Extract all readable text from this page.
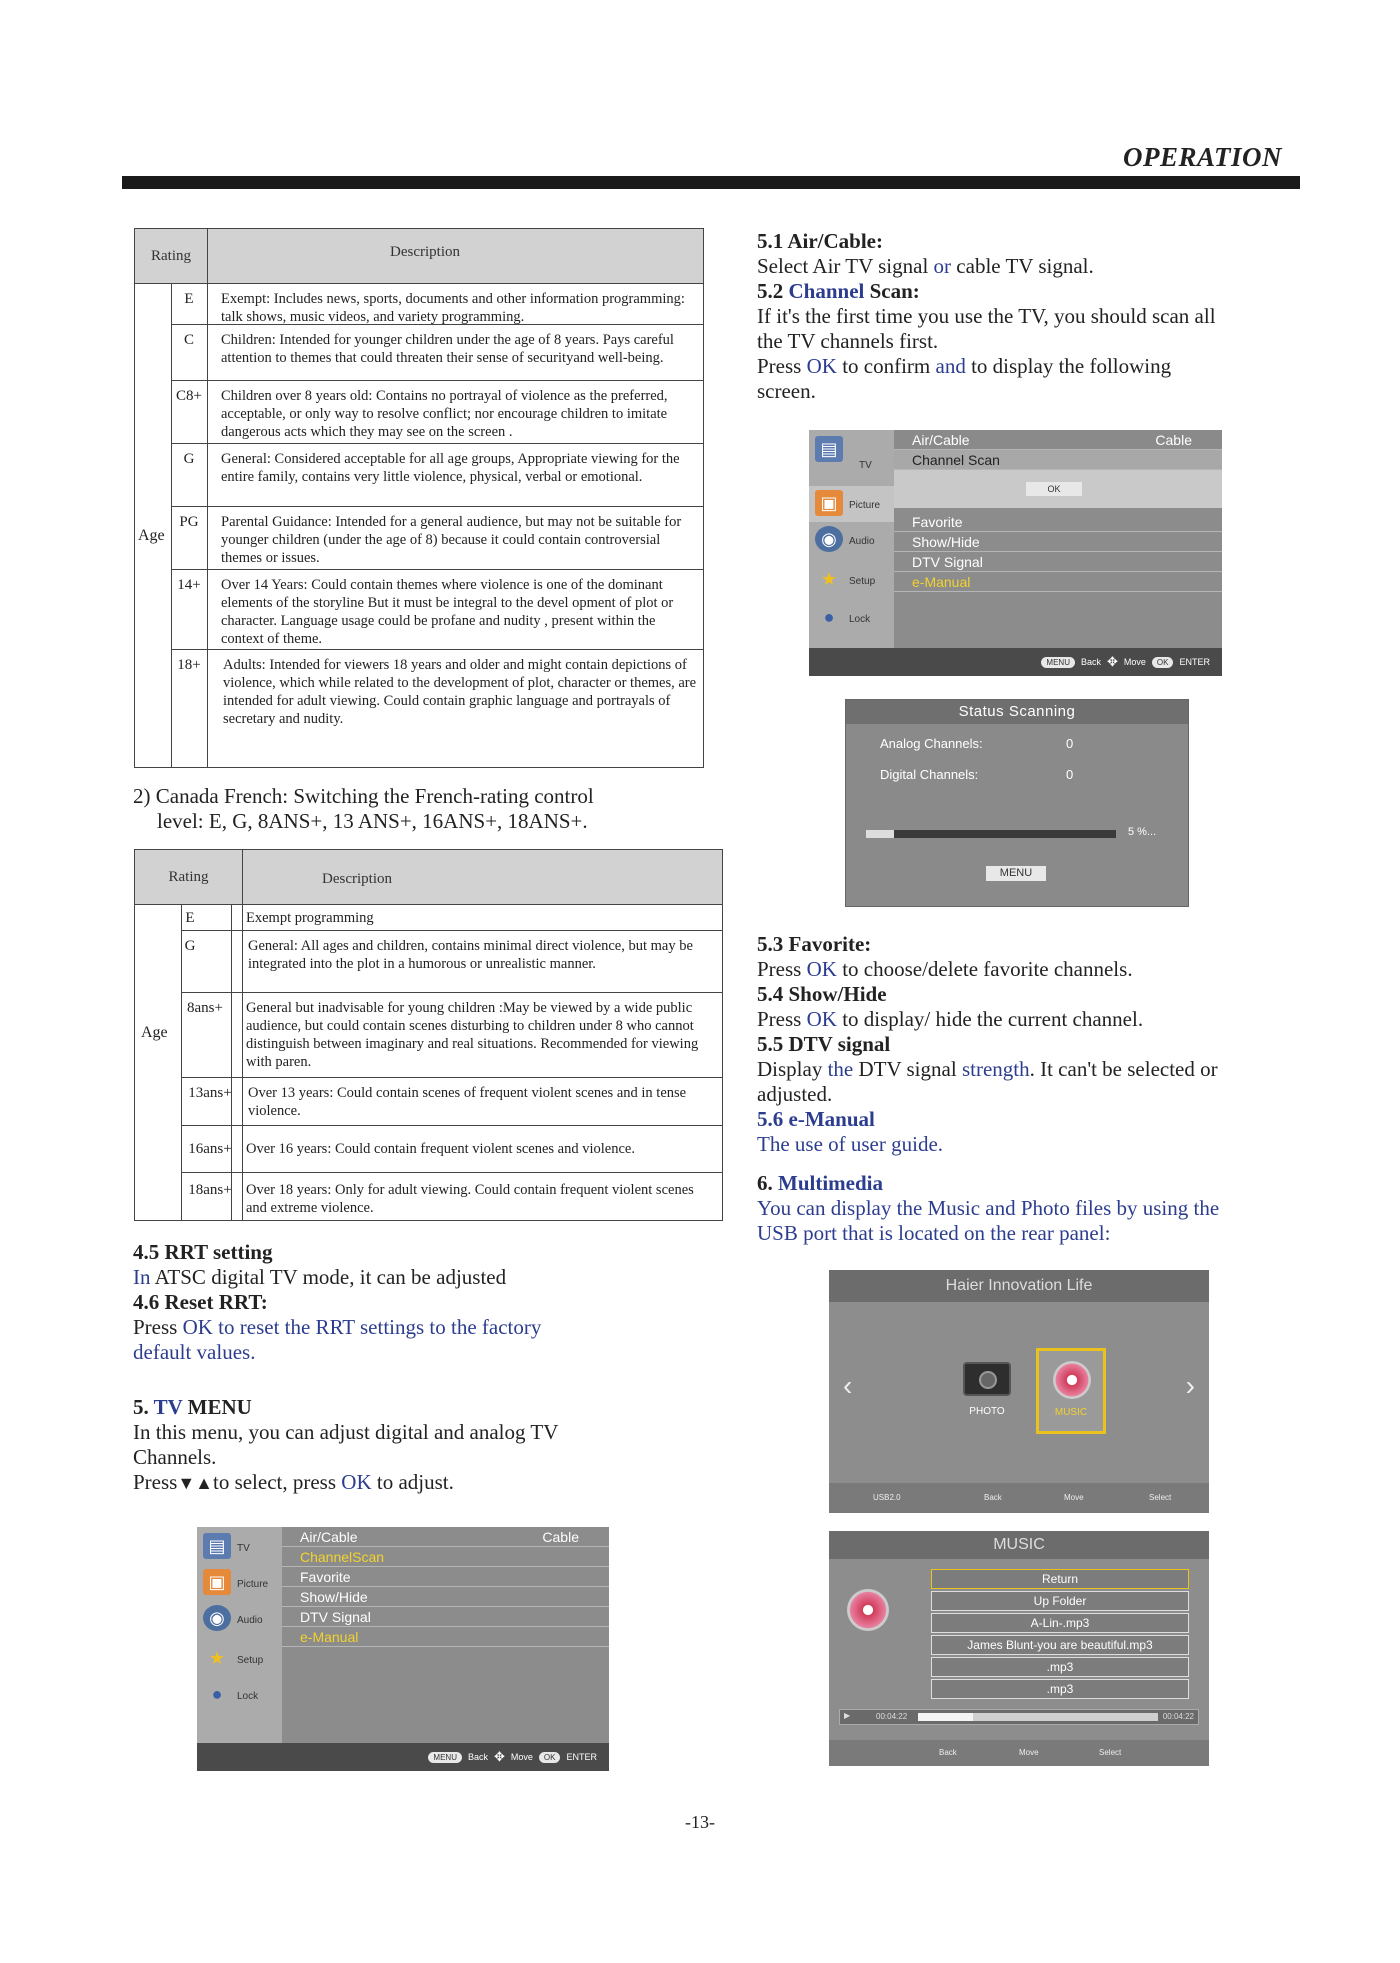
OPERATION
Rating	Description
Age
E	Exempt: Includes news, sports, documents and other information programming: talk shows, music videos, and variety programming.
C	Children: Intended for younger children under the age of 8 years. Pays careful attention to themes that could threaten their sense of securityand well-being.
C8+	Children over 8 years old: Contains no portrayal of violence as the preferred, acceptable, or only way to resolve conflict; nor encourage children to imitate dangerous acts which they may see on the screen .
G	General: Considered acceptable for all age groups, Appropriate viewing for the entire family, contains very little violence, physical, verbal or emotional.
PG	Parental Guidance: Intended for a general audience, but may not be suitable for younger children (under the age of 8) because it could contain controversial themes or issues.
14+	Over 14 Years: Could contain themes where violence is one of the dominant elements of the storyline But it must be integral to the devel opment of plot or character. Language usage could be profane and nudity , present within the context of theme.
18+	Adults: Intended for viewers 18 years and older and might contain depictions of violence, which while related to the development of plot, character or themes, are intended for adult viewing. Could contain graphic language and portrayals of secretary and nudity.

2) Canada French: Switching the French-rating control

level: E, G, 8ANS+, 13 ANS+, 16ANS+, 18ANS+.

Rating	Description
Age
E	Exempt programming
G	General: All ages and children, contains minimal direct violence, but may be integrated into the plot in a humorous or unrealistic manner.
8ans+	General but inadvisable for young children :May be viewed by a wide public audience, but could contain scenes disturbing to children under 8 who cannot distinguish between imaginary and real situations. Recommended for viewing with paren.
13ans+	Over 13 years: Could contain scenes of frequent violent scenes and in tense violence.
16ans+ Over 16 years: Could contain frequent violent scenes and violence.
18ans+ Over 18 years: Only for adult viewing. Could contain frequent violent scenes and extreme violence.

4.5 RRT setting

In ATSC digital TV mode, it can be adjusted

4.6 Reset RRT:

Press OK to reset the RRT settings to the factory

default values.

5. TV MENU

In this menu, you can adjust digital and analog TV

Channels.

Press▼▲to select, press OK to adjust.

▤	TV
▣	Picture
◉	Audio
★	Setup
●	Lock
Air/Cable	Cable
ChannelScan
Favorite
Show/Hide
DTV Signal
e-Manual
MENU	Back ✥ Move	OK	ENTER

5.1 Air/Cable:

Select Air TV signal or cable TV signal.

5.2 Channel Scan:

If it's the first time you use the TV, you should scan all

the TV channels first.

Press OK to confirm and to display the following

screen.

▤
TV
▣	Picture
◉	Audio
★	Setup
●	Lock
Air/Cable	Cable
Channel Scan
OK
Favorite
Show/Hide
DTV Signal
e-Manual
MENU	Back ✥ Move	OK	ENTER
Status Scanning
Analog Channels:	0
Digital Channels:	0
5 %...
MENU

5.3 Favorite:

Press OK to choose/delete favorite channels.

5.4 Show/Hide

Press OK to display/ hide the current channel.

5.5 DTV signal

Display the DTV signal strength. It can't be selected or

adjusted.

5.6 e-Manual

The use of user guide.

6. Multimedia

You can display the Music and Photo files by using the

USB port that is located on the rear panel:

Haier Innovation Life
‹	›
PHOTO	MUSIC
USB2.0	Back	Move	Select
MUSIC
Return
Up Folder
A-Lin-.mp3
James Blunt-you are beautiful.mp3
.mp3
.mp3
▶	00:04:22	00:04:22
Back	Move	Select
-13-
